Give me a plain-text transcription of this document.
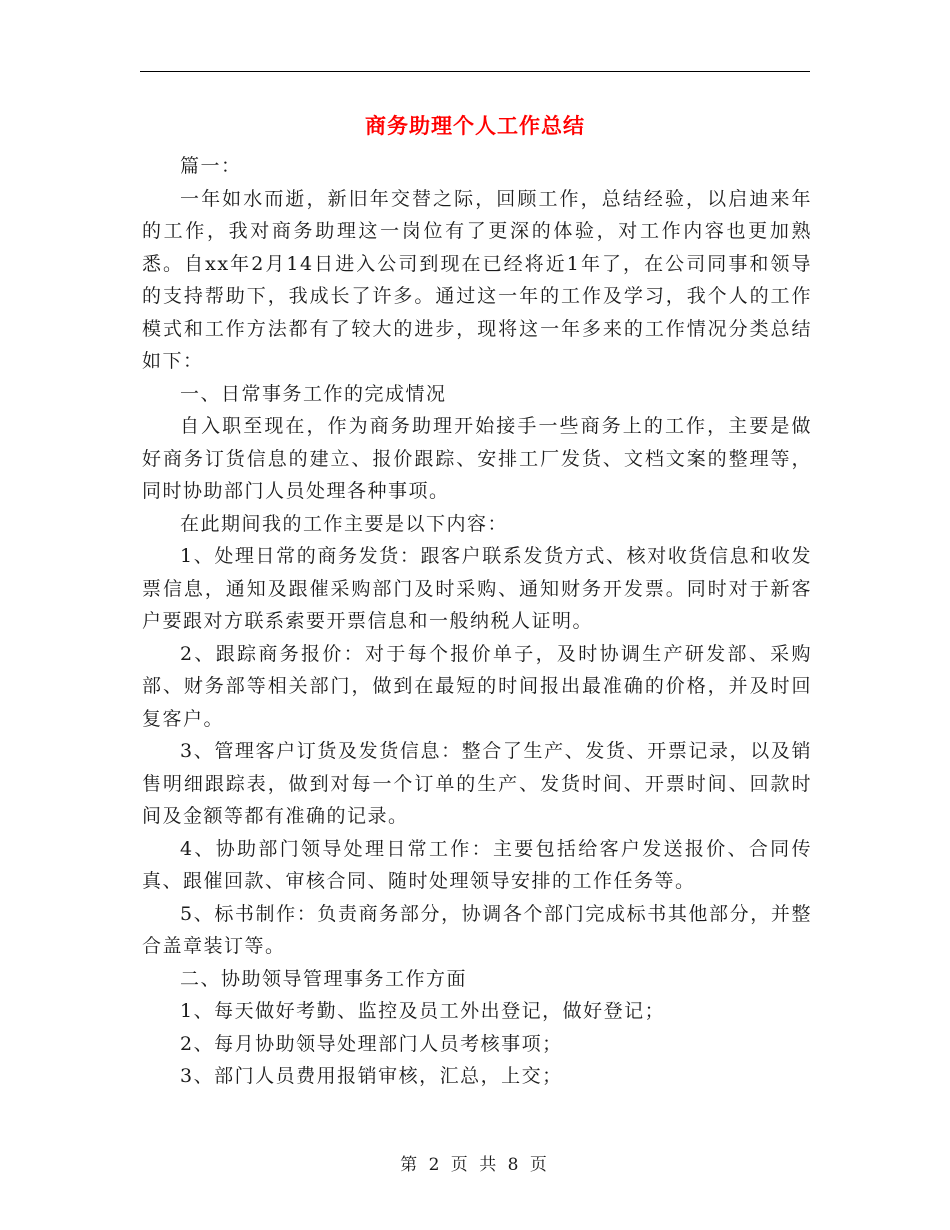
商务助理个人工作总结

篇一：

一年如水而逝，新旧年交替之际，回顾工作，总结经验，以启迪来年的工作，我对商务助理这一岗位有了更深的体验，对工作内容也更加熟悉。自xx年2月14日进入公司到现在已经将近1年了，在公司同事和领导的支持帮助下，我成长了许多。通过这一年的工作及学习，我个人的工作模式和工作方法都有了较大的进步，现将这一年多来的工作情况分类总结如下：

一、日常事务工作的完成情况

自入职至现在，作为商务助理开始接手一些商务上的工作，主要是做好商务订货信息的建立、报价跟踪、安排工厂发货、文档文案的整理等，同时协助部门人员处理各种事项。

在此期间我的工作主要是以下内容：

1、处理日常的商务发货：跟客户联系发货方式、核对收货信息和收发票信息，通知及跟催采购部门及时采购、通知财务开发票。同时对于新客户要跟对方联系索要开票信息和一般纳税人证明。

2、跟踪商务报价：对于每个报价单子，及时协调生产研发部、采购部、财务部等相关部门，做到在最短的时间报出最准确的价格，并及时回复客户。

3、管理客户订货及发货信息：整合了生产、发货、开票记录，以及销售明细跟踪表，做到对每一个订单的生产、发货时间、开票时间、回款时间及金额等都有准确的记录。

4、协助部门领导处理日常工作：主要包括给客户发送报价、合同传真、跟催回款、审核合同、随时处理领导安排的工作任务等。

5、标书制作：负责商务部分，协调各个部门完成标书其他部分，并整合盖章装订等。

二、协助领导管理事务工作方面

1、每天做好考勤、监控及员工外出登记，做好登记；

2、每月协助领导处理部门人员考核事项；

3、部门人员费用报销审核，汇总，上交；

第 2 页 共 8 页
